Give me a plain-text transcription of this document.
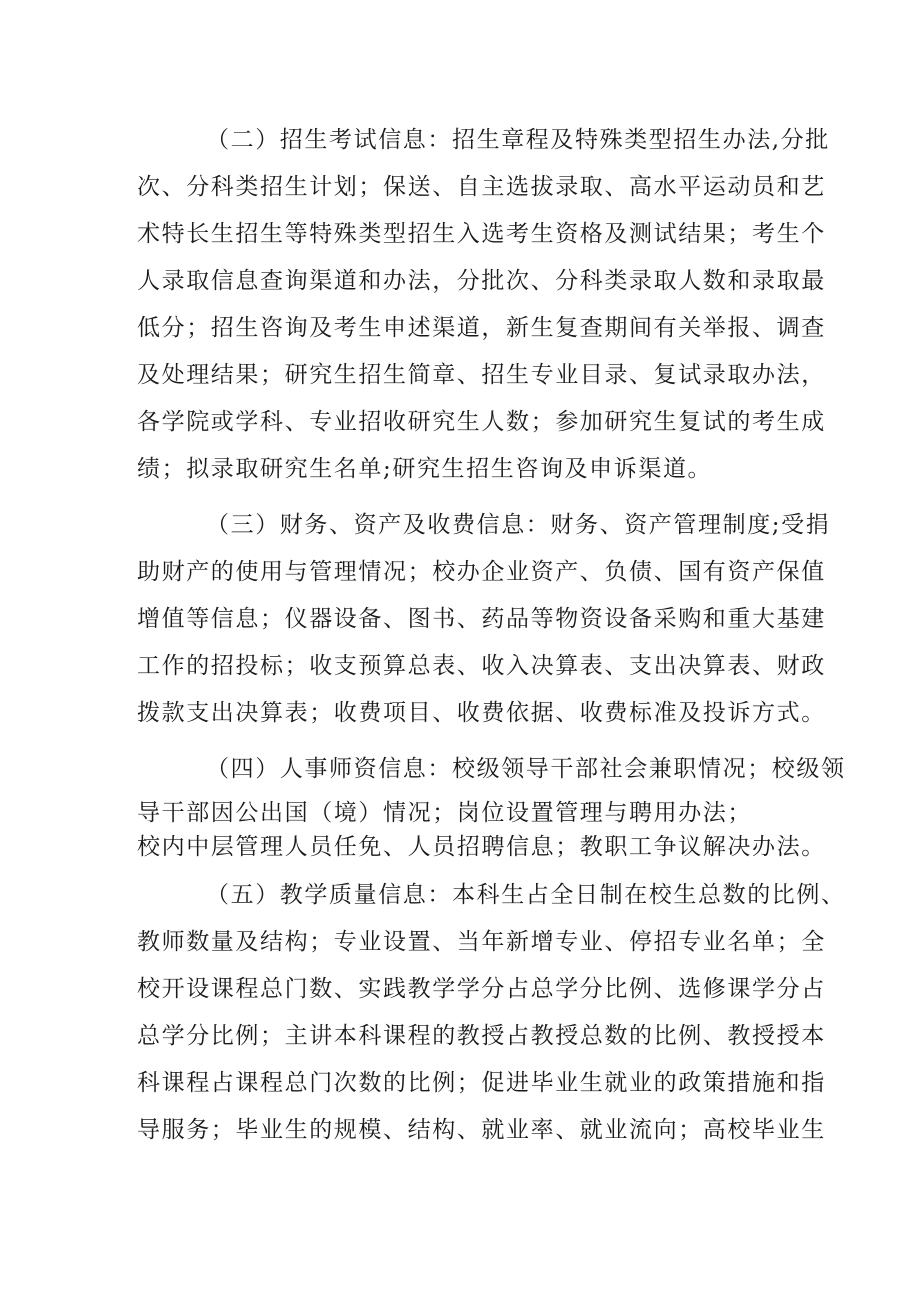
（二）招生考试信息：招生章程及特殊类型招生办法,分批
次、分科类招生计划；保送、自主选拔录取、高水平运动员和艺
术特长生招生等特殊类型招生入选考生资格及测试结果；考生个
人录取信息查询渠道和办法，分批次、分科类录取人数和录取最
低分；招生咨询及考生申述渠道，新生复查期间有关举报、调查
及处理结果；研究生招生简章、招生专业目录、复试录取办法，
各学院或学科、专业招收研究生人数；参加研究生复试的考生成
绩；拟录取研究生名单;研究生招生咨询及申诉渠道。
（三）财务、资产及收费信息：财务、资产管理制度;受捐
助财产的使用与管理情况；校办企业资产、负债、国有资产保值
增值等信息；仪器设备、图书、药品等物资设备采购和重大基建
工作的招投标；收支预算总表、收入决算表、支出决算表、财政
拨款支出决算表；收费项目、收费依据、收费标准及投诉方式。
（四）人事师资信息：校级领导干部社会兼职情况；校级领
导干部因公出国（境）情况；岗位设置管理与聘用办法；
校内中层管理人员任免、人员招聘信息；教职工争议解决办法。
（五）教学质量信息：本科生占全日制在校生总数的比例、
教师数量及结构；专业设置、当年新增专业、停招专业名单；全
校开设课程总门数、实践教学学分占总学分比例、选修课学分占
总学分比例；主讲本科课程的教授占教授总数的比例、教授授本
科课程占课程总门次数的比例；促进毕业生就业的政策措施和指
导服务；毕业生的规模、结构、就业率、就业流向；高校毕业生
